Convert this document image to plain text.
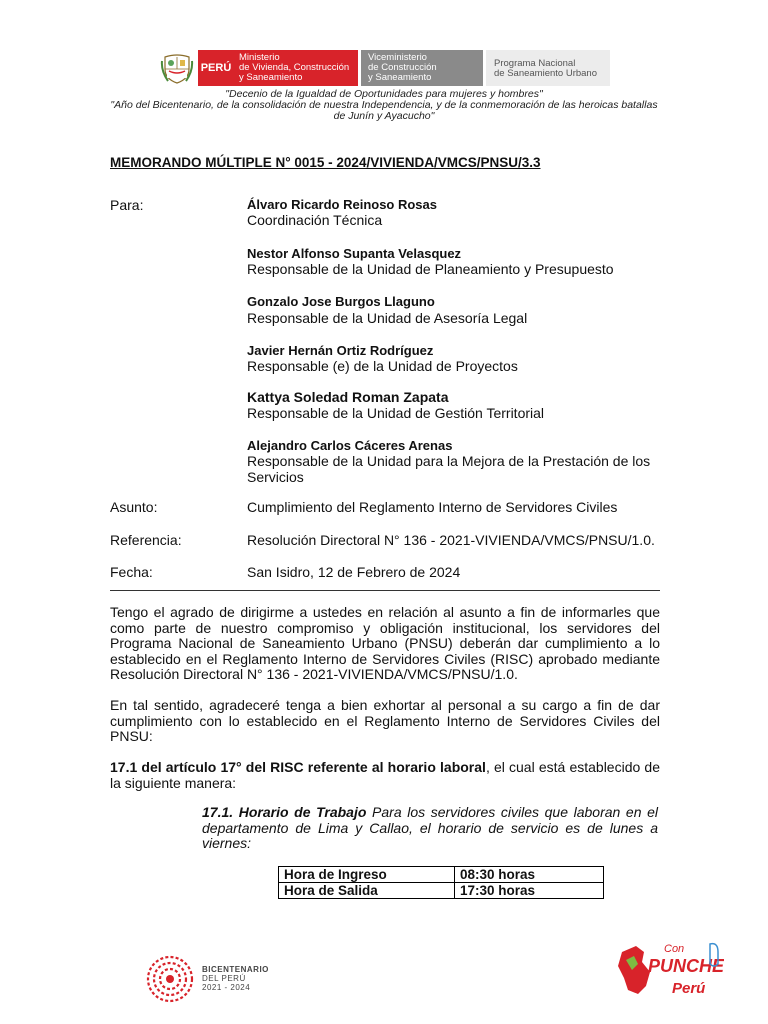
PERÚ
Ministerio
de Vivienda, Construcción
y Saneamiento
Viceministerio
de Construcción
y Saneamiento
Programa Nacional
de Saneamiento Urbano
"Decenio de la Igualdad de Oportunidades para mujeres y hombres"
"Año del Bicentenario, de la consolidación de nuestra Independencia, y de la conmemoración de las heroicas batallas
de Junín y Ayacucho"
MEMORANDO MÚLTIPLE N° 0015 - 2024/VIVIENDA/VMCS/PNSU/3.3
Para:	Álvaro Ricardo Reinoso Rosas
Coordinación Técnica
Nestor Alfonso Supanta Velasquez
Responsable de la Unidad de Planeamiento y Presupuesto
Gonzalo Jose Burgos Llaguno
Responsable de la Unidad de Asesoría Legal
Javier Hernán Ortiz Rodríguez
Responsable (e) de la Unidad de Proyectos
Kattya Soledad Roman Zapata
Responsable de la Unidad de Gestión Territorial
Alejandro Carlos Cáceres Arenas
Responsable de la Unidad para la Mejora de la Prestación de los Servicios
Asunto:	Cumplimiento del Reglamento Interno de Servidores Civiles
Referencia:	Resolución Directoral N° 136 - 2021-VIVIENDA/VMCS/PNSU/1.0.
Fecha:	San Isidro, 12 de Febrero de 2024
Tengo el agrado de dirigirme a ustedes en relación al asunto a fin de informarles que como parte de nuestro compromiso y obligación institucional, los servidores del Programa Nacional de Saneamiento Urbano (PNSU) deberán dar cumplimiento a lo establecido en el Reglamento Interno de Servidores Civiles (RISC) aprobado mediante Resolución Directoral N° 136 - 2021-VIVIENDA/VMCS/PNSU/1.0.
En tal sentido, agradeceré tenga a bien exhortar al personal a su cargo a fin de dar cumplimiento con lo establecido en el Reglamento Interno de Servidores Civiles del PNSU:
17.1 del artículo 17° del RISC referente al horario laboral, el cual está establecido de la siguiente manera:
17.1. Horario de Trabajo Para los servidores civiles que laboran en el departamento de Lima y Callao, el horario de servicio es de lunes a viernes:
Hora de Ingreso	08:30 horas
Hora de Salida	17:30 horas
BICENTENARIO
DEL PERÚ
2021 - 2024
Con
PUNCHE
Perú
